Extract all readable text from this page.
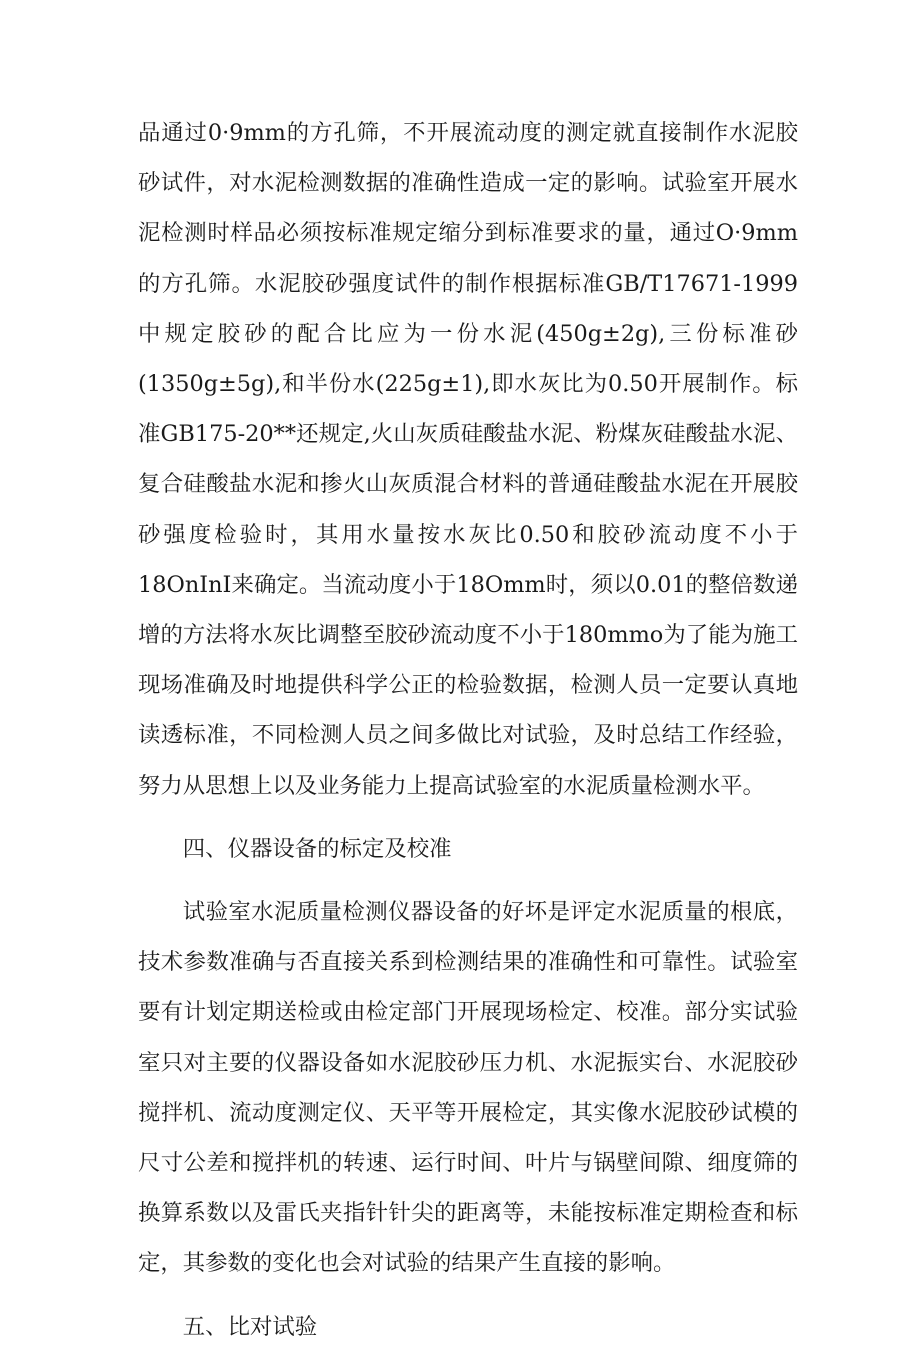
品通过0·9mm的方孔筛，不开展流动度的测定就直接制作水泥胶砂试件，对水泥检测数据的准确性造成一定的影响。试验室开展水泥检测时样品必须按标准规定缩分到标准要求的量，通过O·9mm的方孔筛。水泥胶砂强度试件的制作根据标准GB/T17671-1999中规定胶砂的配合比应为一份水泥(450g±2g),三份标准砂(1350g±5g),和半份水(225g±1),即水灰比为0.50开展制作。标准GB175-20**还规定,火山灰质硅酸盐水泥、粉煤灰硅酸盐水泥、复合硅酸盐水泥和掺火山灰质混合材料的普通硅酸盐水泥在开展胶砂强度检验时，其用水量按水灰比0.50和胶砂流动度不小于18OnInI来确定。当流动度小于18Omm时，须以0.01的整倍数递增的方法将水灰比调整至胶砂流动度不小于180mmo为了能为施工现场准确及时地提供科学公正的检验数据，检测人员一定要认真地读透标准，不同检测人员之间多做比对试验，及时总结工作经验，努力从思想上以及业务能力上提高试验室的水泥质量检测水平。

四、仪器设备的标定及校准

试验室水泥质量检测仪器设备的好坏是评定水泥质量的根底，技术参数准确与否直接关系到检测结果的准确性和可靠性。试验室要有计划定期送检或由检定部门开展现场检定、校准。部分实试验室只对主要的仪器设备如水泥胶砂压力机、水泥振实台、水泥胶砂搅拌机、流动度测定仪、天平等开展检定，其实像水泥胶砂试模的尺寸公差和搅拌机的转速、运行时间、叶片与锅壁间隙、细度筛的换算系数以及雷氏夹指针针尖的距离等，未能按标准定期检查和标定，其参数的变化也会对试验的结果产生直接的影响。

五、比对试验
